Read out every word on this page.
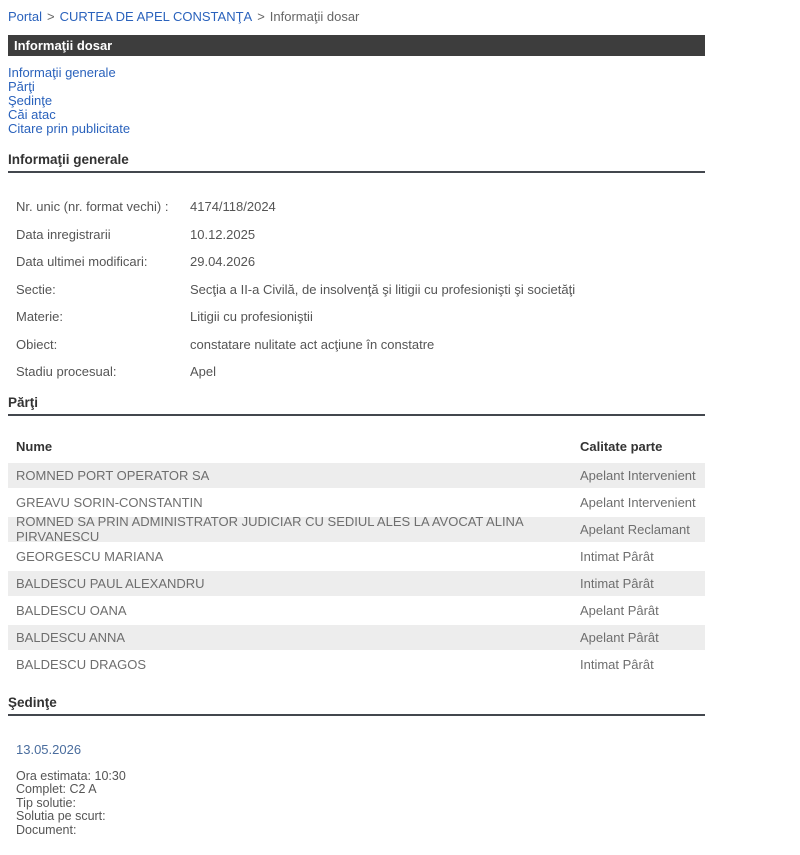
Portal > CURTEA DE APEL CONSTANŢA > Informaţii dosar
Informaţii dosar
Informaţii generale
Părţi
Şedinţe
Căi atac
Citare prin publicitate
Informaţii generale
Nr. unic (nr. format vechi) :	4174/118/2024
Data inregistrarii	10.12.2025
Data ultimei modificari:	29.04.2026
Sectie:	Secţia a II-a Civilă, de insolvenţă şi litigii cu profesionişti şi societăţi
Materie:	Litigii cu profesioniştii
Obiect:	constatare nulitate act acţiune în constatre
Stadiu procesual:	Apel
Părţi
Nume	Calitate parte
ROMNED PORT OPERATOR SA	Apelant Intervenient
GREAVU SORIN-CONSTANTIN	Apelant Intervenient
ROMNED SA PRIN ADMINISTRATOR JUDICIAR CU SEDIUL ALES LA AVOCAT ALINA PIRVANESCU	Apelant Reclamant
GEORGESCU MARIANA	Intimat Pârât
BALDESCU PAUL ALEXANDRU	Intimat Pârât
BALDESCU OANA	Apelant Pârât
BALDESCU ANNA	Apelant Pârât
BALDESCU DRAGOS	Intimat Pârât
Şedinţe
13.05.2026
Ora estimata: 10:30
Complet: C2 A
Tip solutie:
Solutia pe scurt:
Document:
